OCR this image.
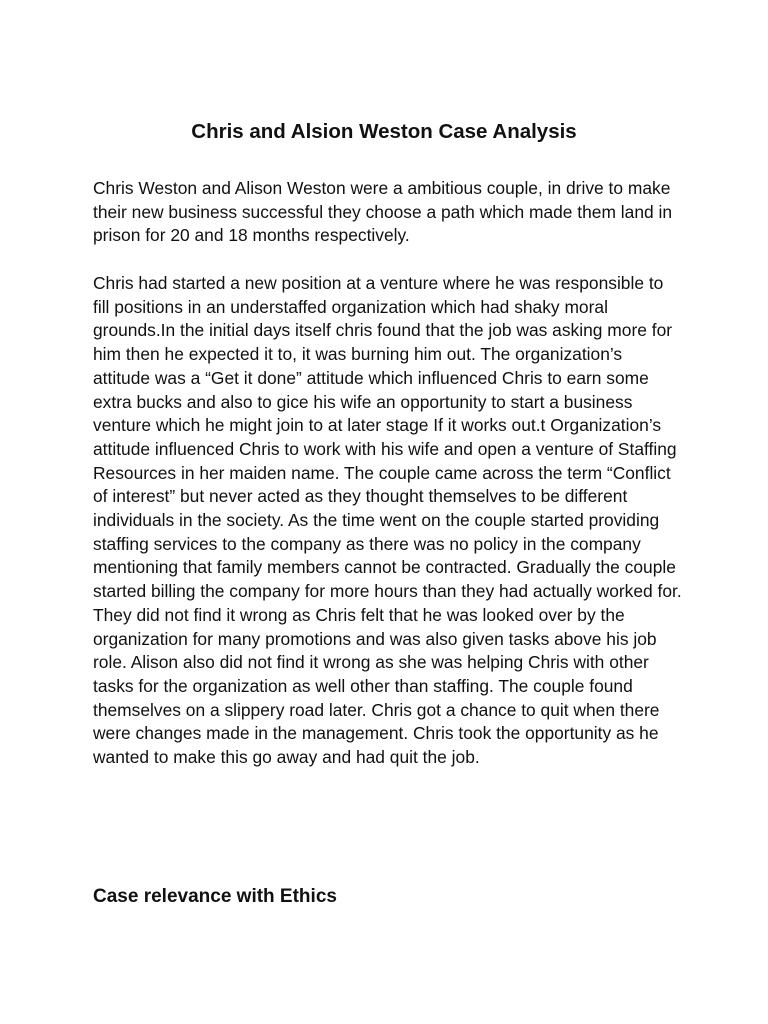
Chris and Alsion Weston Case Analysis

Chris Weston and Alison Weston were a ambitious couple, in drive to make their new business successful they choose a path which made them land in prison for 20 and 18 months respectively.

Chris had started a new position at a venture where he was responsible to fill positions in an understaffed organization which had shaky moral grounds.In the initial days itself chris found that the job was asking more for him then he expected it to, it was burning him out. The organization’s attitude was a “Get it done” attitude which influenced Chris to earn some extra bucks and also to gice his wife an opportunity to start a business venture which he might join to at later stage If it works out.t Organization’s attitude influenced Chris to work with his wife and open a venture of Staffing Resources in her maiden name. The couple came across the term “Conflict of interest” but never acted as they thought themselves to be different individuals in the society. As the time went on the couple started providing staffing services to the company as there was no policy in the company mentioning that family members cannot be contracted. Gradually the couple started billing the company for more hours than they had actually worked for. They did not find it wrong as Chris felt that he was looked over by the organization for many promotions and was also given tasks above his job role. Alison also did not find it wrong as she was helping Chris with other tasks for the organization as well other than staffing. The couple found themselves on a slippery road later. Chris got a chance to quit when there were changes made in the management. Chris took the opportunity as he wanted to make this go away and had quit the job.

Case relevance with Ethics
